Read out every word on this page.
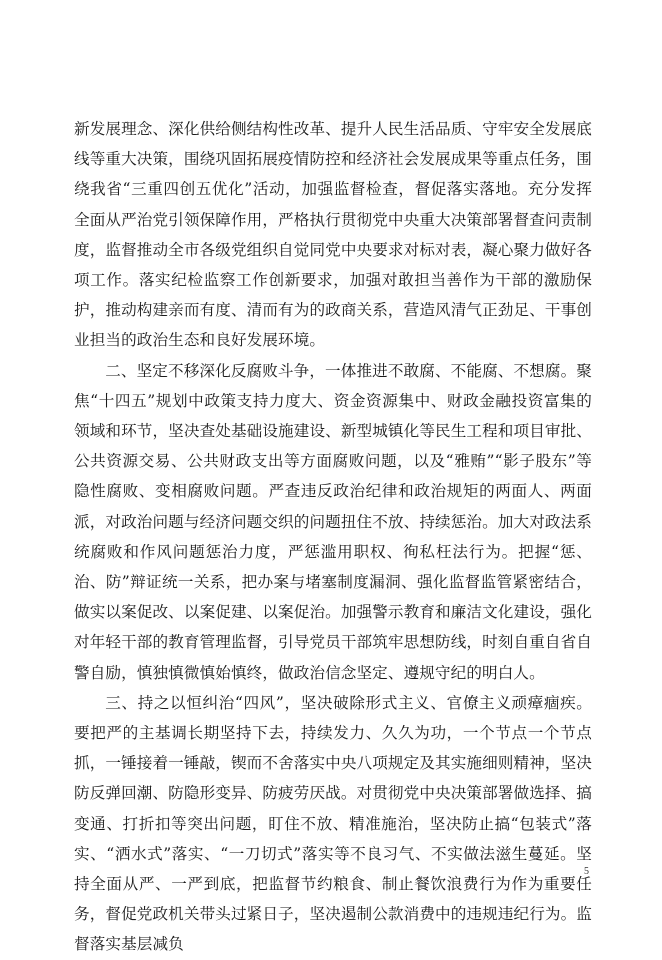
新发展理念、深化供给侧结构性改革、提升人民生活品质、守牢安全发展底线等重大决策，围绕巩固拓展疫情防控和经济社会发展成果等重点任务，围绕我省“三重四创五优化”活动，加强监督检查，督促落实落地。充分发挥全面从严治党引领保障作用，严格执行贯彻党中央重大决策部署督查问责制度，监督推动全市各级党组织自觉同党中央要求对标对表，凝心聚力做好各项工作。落实纪检监察工作创新要求，加强对敢担当善作为干部的激励保护，推动构建亲而有度、清而有为的政商关系，营造风清气正劲足、干事创业担当的政治生态和良好发展环境。

二、坚定不移深化反腐败斗争，一体推进不敢腐、不能腐、不想腐。聚焦“十四五”规划中政策支持力度大、资金资源集中、财政金融投资富集的领域和环节，坚决查处基础设施建设、新型城镇化等民生工程和项目审批、公共资源交易、公共财政支出等方面腐败问题，以及“雅贿”“影子股东”等隐性腐败、变相腐败问题。严查违反政治纪律和政治规矩的两面人、两面派，对政治问题与经济问题交织的问题扭住不放、持续惩治。加大对政法系统腐败和作风问题惩治力度，严惩滥用职权、徇私枉法行为。把握“惩、治、防”辩证统一关系，把办案与堵塞制度漏洞、强化监督监管紧密结合，做实以案促改、以案促建、以案促治。加强警示教育和廉洁文化建设，强化对年轻干部的教育管理监督，引导党员干部筑牢思想防线，时刻自重自省自警自励，慎独慎微慎始慎终，做政治信念坚定、遵规守纪的明白人。

三、持之以恒纠治“四风”，坚决破除形式主义、官僚主义顽瘴痼疾。要把严的主基调长期坚持下去，持续发力、久久为功，一个节点一个节点抓，一锤接着一锤敲，锲而不舍落实中央八项规定及其实施细则精神，坚决防反弹回潮、防隐形变异、防疲劳厌战。对贯彻党中央决策部署做选择、搞变通、打折扣等突出问题，盯住不放、精准施治，坚决防止搞“包装式”落实、“洒水式”落实、“一刀切式”落实等不良习气、不实做法滋生蔓延。坚持全面从严、一严到底，把监督节约粮食、制止餐饮浪费行为作为重要任务，督促党政机关带头过紧日子，坚决遏制公款消费中的违规违纪行为。监督落实基层减负

5
